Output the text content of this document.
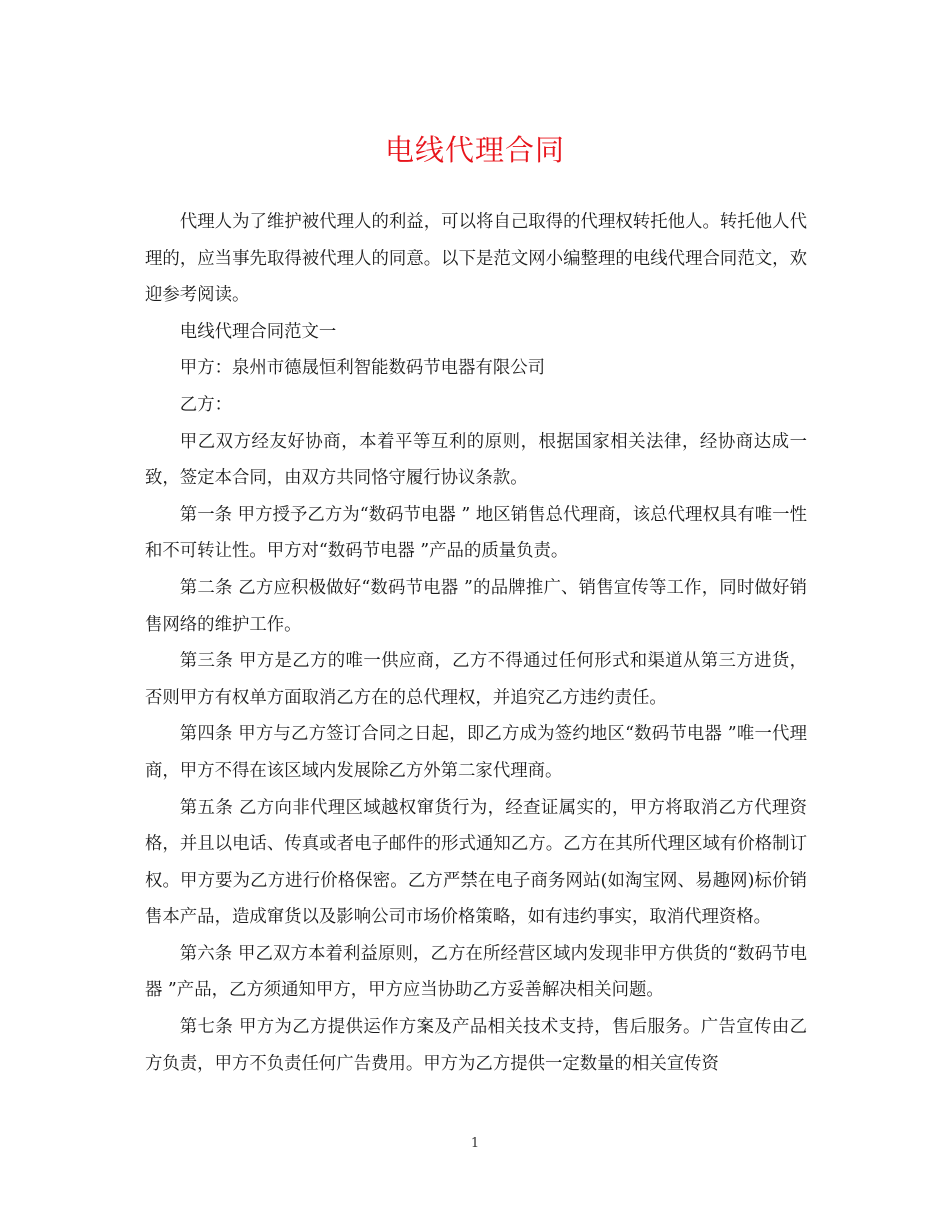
电线代理合同

代理人为了维护被代理人的利益，可以将自己取得的代理权转托他人。转托他人代理的，应当事先取得被代理人的同意。以下是范文网小编整理的电线代理合同范文，欢迎参考阅读。

电线代理合同范文一

甲方：泉州市德晟恒利智能数码节电器有限公司

乙方：

甲乙双方经友好协商，本着平等互利的原则，根据国家相关法律，经协商达成一致，签定本合同，由双方共同恪守履行协议条款。

第一条 甲方授予乙方为“数码节电器 ” 地区销售总代理商，该总代理权具有唯一性和不可转让性。甲方对“数码节电器 ”产品的质量负责。

第二条 乙方应积极做好“数码节电器 ”的品牌推广、销售宣传等工作，同时做好销售网络的维护工作。

第三条 甲方是乙方的唯一供应商，乙方不得通过任何形式和渠道从第三方进货，否则甲方有权单方面取消乙方在的总代理权，并追究乙方违约责任。

第四条 甲方与乙方签订合同之日起，即乙方成为签约地区“数码节电器 ”唯一代理商，甲方不得在该区域内发展除乙方外第二家代理商。

第五条 乙方向非代理区域越权窜货行为，经查证属实的，甲方将取消乙方代理资格，并且以电话、传真或者电子邮件的形式通知乙方。乙方在其所代理区域有价格制订权。甲方要为乙方进行价格保密。乙方严禁在电子商务网站(如淘宝网、易趣网)标价销售本产品，造成窜货以及影响公司市场价格策略，如有违约事实，取消代理资格。

第六条 甲乙双方本着利益原则，乙方在所经营区域内发现非甲方供货的“数码节电器 ”产品，乙方须通知甲方，甲方应当协助乙方妥善解决相关问题。

第七条 甲方为乙方提供运作方案及产品相关技术支持，售后服务。广告宣传由乙方负责，甲方不负责任何广告费用。甲方为乙方提供一定数量的相关宣传资

1
